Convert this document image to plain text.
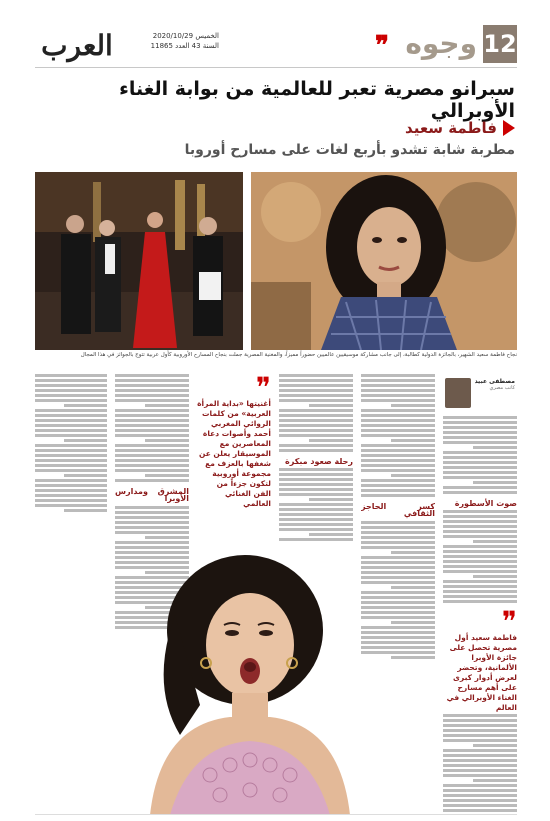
العرب	الخميس 2020/10/29
السنة 43 العدد 11865	12
وجوه
❞
سبرانو مصرية تعبر للعالمية من بوابة الغناء الأوبرالي
فاطمة سعيد
مطربة شابة تشدو بأربع لغات على مسارح أوروبا
نجاح فاطمة سعيد الشهير، بالجائزة الدولية كطالبة، إلى جانب مشاركة موسيقيين عالميين حضوراً مميزاً، والمغنية المصرية جملت بنجاح المسارح الأوروبية كأول عربية تتوج بالجوائز في هذا المجال
مصطفى عبيد
كاتب مصري
صوت الأسطورة
❞
فاطمة سعيد أول مصرية تحصل على جائزة الأوبرا الألمانية، وتحضر لعرض أدوار كبرى على أهم مسارح الغناء الأوبرالي في العالم
كسر الحاجز الثقافي
رحلة صعود مبكرة
❞
أغنيتها «بداية المرأة العربية» من كلمات الروائي المغربي أحمد وأصوات دعاة المعاصرين مع الموسيقار يعلن عن شغفها بالعزف مع مجموعة أوروبية لتكون جزءاً من الفن الغنائي العالمي
المشرق ومدارس الأوبرا
